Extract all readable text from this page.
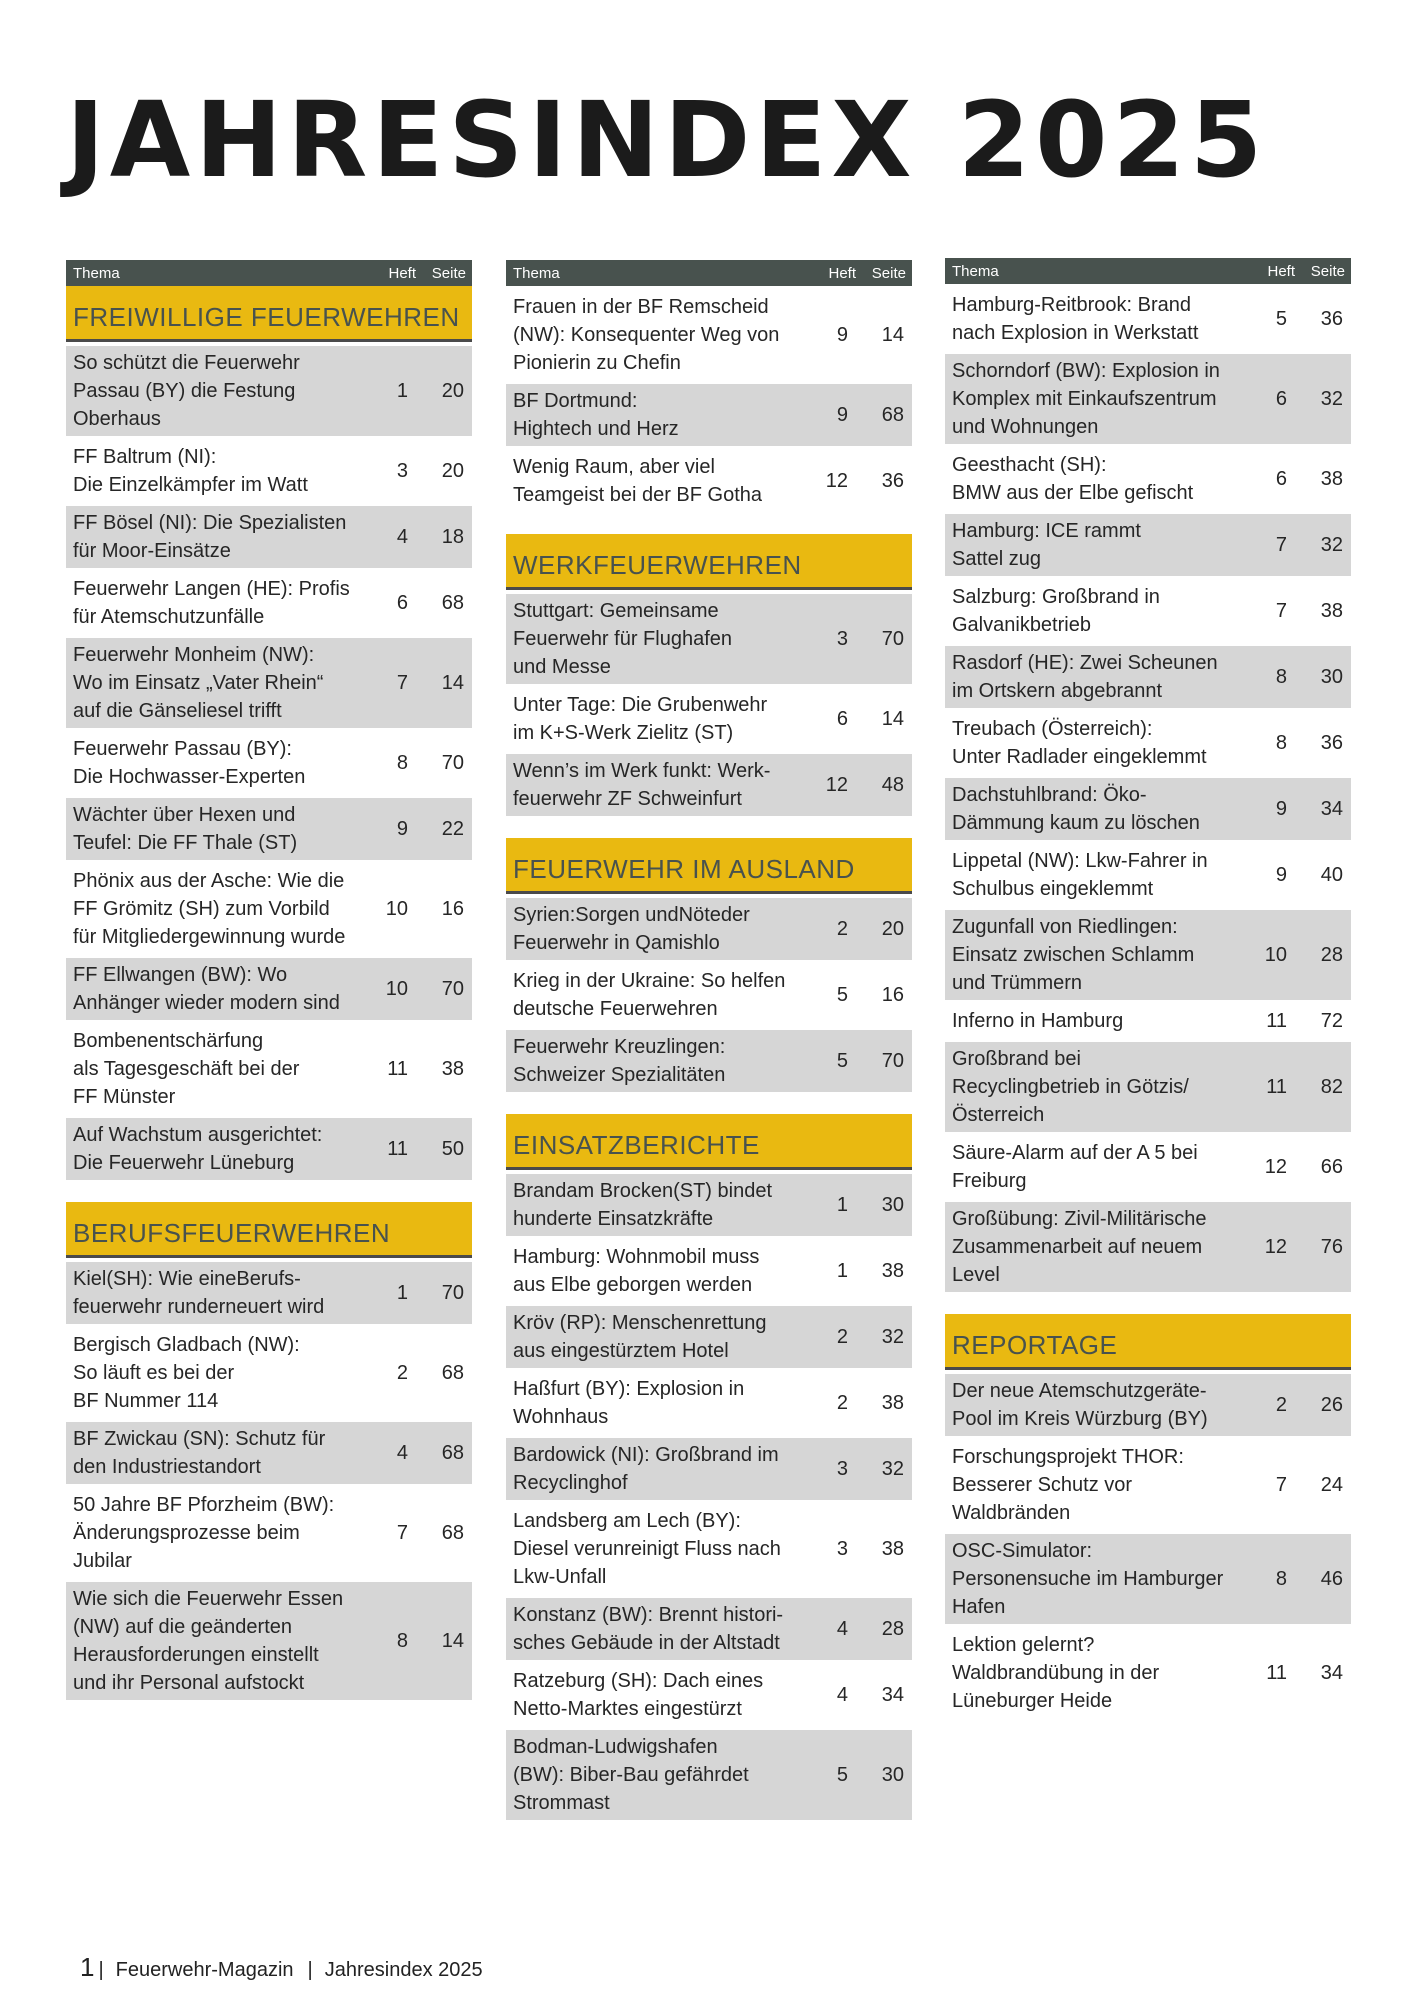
JAHRESINDEX 2025
Thema	Heft	Seite
FREIWILLIGE FEUERWEHREN
So schützt die Feuerwehr
Passau (BY) die Festung
Oberhaus
1	20
FF Baltrum (NI):
Die Einzelkämpfer im Watt
3	20
FF Bösel (NI): Die Spezialisten
für Moor-Einsätze
4	18
Feuerwehr Langen (HE): Profis
für Atemschutzunfälle
6	68
Feuerwehr Monheim (NW):
Wo im Einsatz „Vater Rhein“
auf die Gänseliesel trifft
7	14
Feuerwehr Passau (BY):
Die Hochwasser-Experten
8	70
Wächter über Hexen und
Teufel: Die FF Thale (ST)
9	22
Phönix aus der Asche: Wie die
FF Grömitz (SH) zum Vorbild
für Mitgliedergewinnung wurde
10	16
FF Ellwangen (BW): Wo
Anhänger wieder modern sind
10	70
Bombenentschärfung
als Tagesgeschäft bei der
FF Münster
11	38
Auf Wachstum ausgerichtet:
Die Feuerwehr Lüneburg
11	50
BERUFSFEUERWEHREN
Kiel(SH): Wie eineBerufs-
feuerwehr runderneuert wird
1	70
Bergisch Gladbach (NW):
So läuft es bei der
BF Nummer 114
2	68
BF Zwickau (SN): Schutz für
den Industriestandort
4	68
50 Jahre BF Pforzheim (BW):
Änderungsprozesse beim
Jubilar
7	68
Wie sich die Feuerwehr Essen
(NW) auf die geänderten
Herausforderungen einstellt
und ihr Personal aufstockt
8	14
Thema	Heft	Seite
Frauen in der BF Remscheid
(NW): Konsequenter Weg von
Pionierin zu Chefin
9	14
BF Dortmund:
Hightech und Herz
9	68
Wenig Raum, aber viel
Teamgeist bei der BF Gotha
12	36
WERKFEUERWEHREN
Stuttgart: Gemeinsame
Feuerwehr für Flughafen
und Messe
3	70
Unter Tage: Die Grubenwehr
im K+S-Werk Zielitz (ST)
6	14
Wenn’s im Werk funkt: Werk-
feuerwehr ZF Schweinfurt
12	48
FEUERWEHR IM AUSLAND
Syrien:Sorgen undNöteder
Feuerwehr in Qamishlo
2	20
Krieg in der Ukraine: So helfen
deutsche Feuerwehren
5	16
Feuerwehr Kreuzlingen:
Schweizer Spezialitäten
5	70
EINSATZBERICHTE
Brandam Brocken(ST) bindet
hunderte Einsatzkräfte
1	30
Hamburg: Wohnmobil muss
aus Elbe geborgen werden
1	38
Kröv (RP): Menschenrettung
aus eingestürztem Hotel
2	32
Haßfurt (BY): Explosion in
Wohnhaus
2	38
Bardowick (NI): Großbrand im
Recyclinghof
3	32
Landsberg am Lech (BY):
Diesel verunreinigt Fluss nach
Lkw-Unfall
3	38
Konstanz (BW): Brennt histori-
sches Gebäude in der Altstadt
4	28
Ratzeburg (SH): Dach eines
Netto-Marktes eingestürzt
4	34
Bodman-Ludwigshafen
(BW): Biber-Bau gefährdet
Strommast
5	30
Thema	Heft	Seite
Hamburg-Reitbrook: Brand
nach Explosion in Werkstatt
5	36
Schorndorf (BW): Explosion in
Komplex mit Einkaufszentrum
und Wohnungen
6	32
Geesthacht (SH):
BMW aus der Elbe gefischt
6	38
Hamburg: ICE rammt
Sattel zug
7	32
Salzburg: Großbrand in
Galvanikbetrieb
7	38
Rasdorf (HE): Zwei Scheunen
im Ortskern abgebrannt
8	30
Treubach (Österreich):
Unter Radlader eingeklemmt
8	36
Dachstuhlbrand: Öko-
Dämmung kaum zu löschen
9	34
Lippetal (NW): Lkw-Fahrer in
Schulbus eingeklemmt
9	40
Zugunfall von Riedlingen:
Einsatz zwischen Schlamm
und Trümmern
10	28
Inferno in Hamburg	11	72
Großbrand bei
Recyclingbetrieb in Götzis/
Österreich
11	82
Säure-Alarm auf der A 5 bei
Freiburg
12	66
Großübung: Zivil-Militärische
Zusammenarbeit auf neuem
Level
12	76
REPORTAGE
Der neue Atemschutzgeräte-
Pool im Kreis Würzburg (BY)
2	26
Forschungsprojekt THOR:
Besserer Schutz vor
Waldbränden
7	24
OSC-Simulator:
Personensuche im Hamburger
Hafen
8	46
Lektion gelernt?
Waldbrandübung in der
Lüneburger Heide
11	34
1 | Feuerwehr-Magazin | Jahresindex 2025
